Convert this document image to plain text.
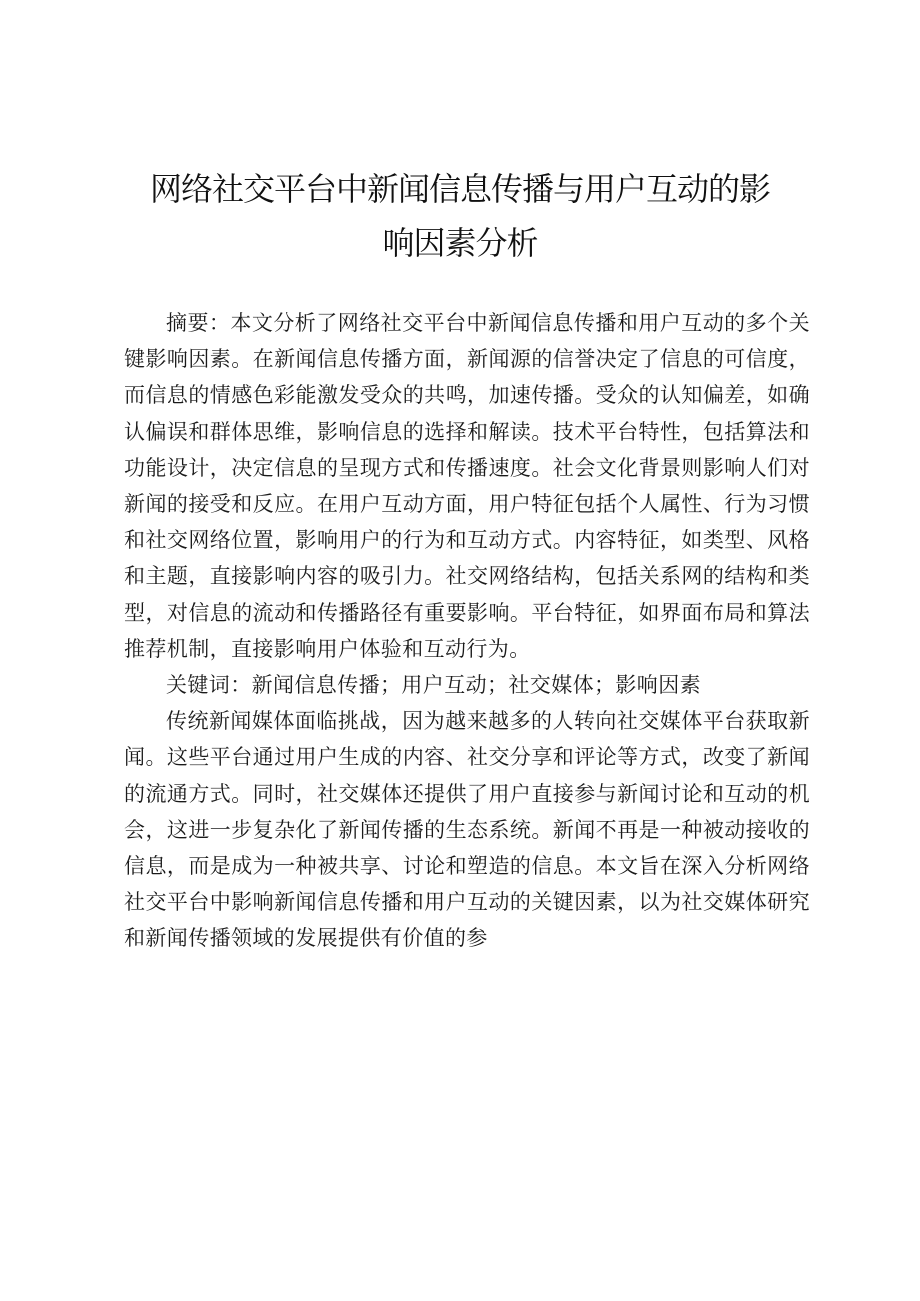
网络社交平台中新闻信息传播与用户互动的影响因素分析

摘要：本文分析了网络社交平台中新闻信息传播和用户互动的多个关键影响因素。在新闻信息传播方面，新闻源的信誉决定了信息的可信度，而信息的情感色彩能激发受众的共鸣，加速传播。受众的认知偏差，如确认偏误和群体思维，影响信息的选择和解读。技术平台特性，包括算法和功能设计，决定信息的呈现方式和传播速度。社会文化背景则影响人们对新闻的接受和反应。在用户互动方面，用户特征包括个人属性、行为习惯和社交网络位置，影响用户的行为和互动方式。内容特征，如类型、风格和主题，直接影响内容的吸引力。社交网络结构，包括关系网的结构和类型，对信息的流动和传播路径有重要影响。平台特征，如界面布局和算法推荐机制，直接影响用户体验和互动行为。

关键词：新闻信息传播；用户互动；社交媒体；影响因素

传统新闻媒体面临挑战，因为越来越多的人转向社交媒体平台获取新闻。这些平台通过用户生成的内容、社交分享和评论等方式，改变了新闻的流通方式。同时，社交媒体还提供了用户直接参与新闻讨论和互动的机会，这进一步复杂化了新闻传播的生态系统。新闻不再是一种被动接收的信息，而是成为一种被共享、讨论和塑造的信息。本文旨在深入分析网络社交平台中影响新闻信息传播和用户互动的关键因素，以为社交媒体研究和新闻传播领域的发展提供有价值的参
